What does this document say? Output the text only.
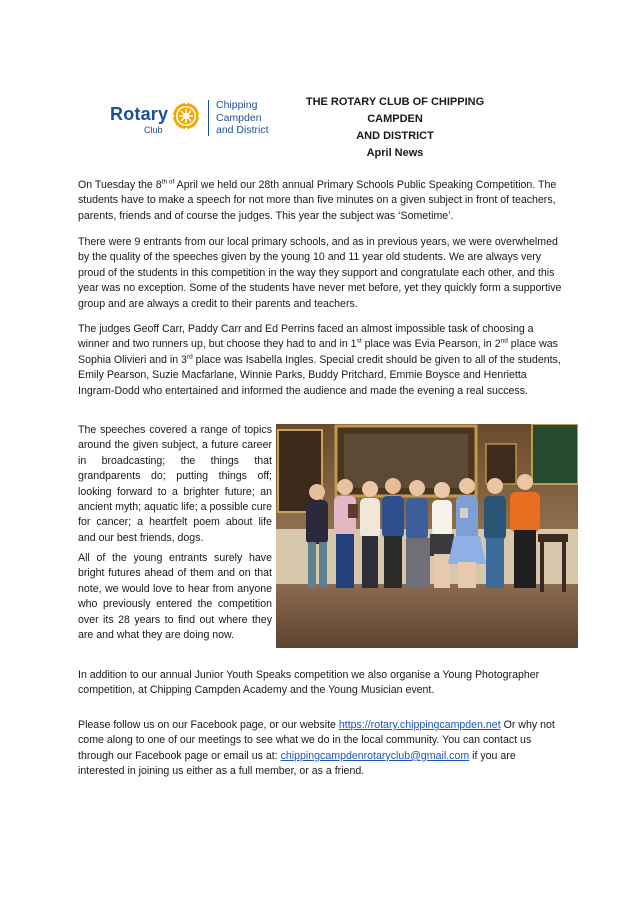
Rotary
Club
Chipping
Campden
and District
THE ROTARY CLUB OF CHIPPING CAMPDEN
AND DISTRICT
April News
On Tuesday the $8^{th of}$ April we held our 28th annual Primary Schools Public Speaking Competition. The students have to make a speech for not more than five minutes on a given subject in front of teachers, parents, friends and of course the judges. This year the subject was ‘Sometime’.
There were 9 entrants from our local primary schools, and as in previous years, we were overwhelmed by the quality of the speeches given by the young 10 and 11 year old students. We are always very proud of the students in this competition in the way they support and congratulate each other, and this year was no exception. Some of the students have never met before, yet they quickly form a supportive group and are always a credit to their parents and teachers.
The judges Geoff Carr, Paddy Carr and Ed Perrins faced an almost impossible task of choosing a winner and two runners up, but choose they had to and in 1st place was Evia Pearson, in 2nd place was Sophia Olivieri and in 3rd place was Isabella Ingles. Special credit should be given to all of the students, Emily Pearson, Suzie Macfarlane, Winnie Parks, Buddy Pritchard, Emmie Boysce and Henrietta Ingram-Dodd who entertained and informed the audience and made the evening a real success.
The speeches covered a range of topics around the given subject, a future career in broadcasting; the things that grandparents do; putting things off; looking forward to a brighter future; an ancient myth; aquatic life; a possible cure for cancer; a heartfelt poem about life and our best friends, dogs.
All of the young entrants surely have bright futures ahead of them and on that note, we would love to hear from anyone who previously entered the competition over its 28 years to find out where they are and what they are doing now.
In addition to our annual Junior Youth Speaks competition we also organise a Young Photographer competition, at Chipping Campden Academy and the Young Musician event.
Please follow us on our Facebook page, or our website https://rotary.chippingcampden.net Or why not come along to one of our meetings to see what we do in the local community. You can contact us through our Facebook page or email us at: chippingcampdenrotaryclub@gmail.com if you are interested in joining us either as a full member, or as a friend.
